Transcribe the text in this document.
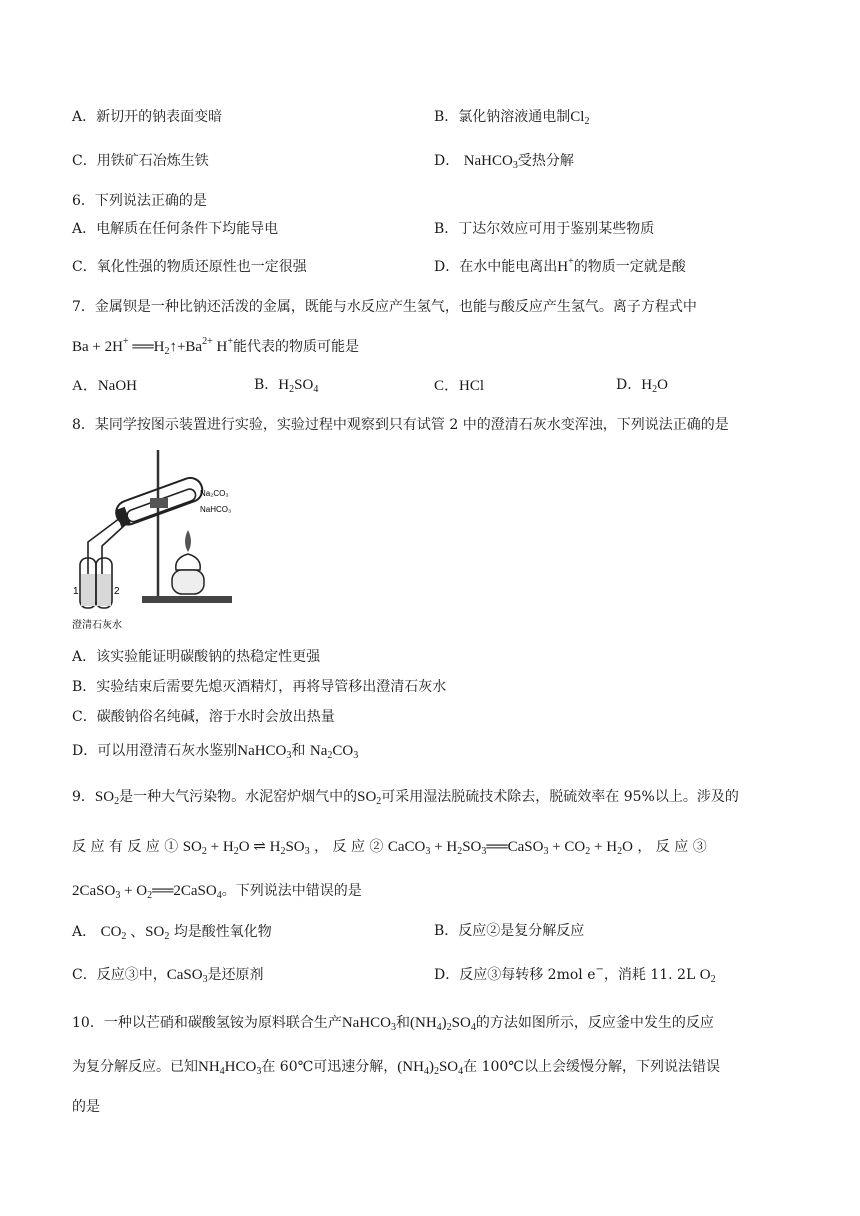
A．新切开的钠表面变暗	B．氯化钠溶液通电制$Cl_2$
C．用铁矿石冶炼生铁	D． NaHCO$_3$受热分解
6．下列说法正确的是
A．电解质在任何条件下均能导电	B．丁达尔效应可用于鉴别某些物质
C．氧化性强的物质还原性也一定很强	D．在水中能电离出H+的物质一定就是酸
7．金属钡是一种比钠还活泼的金属，既能与水反应产生氢气，也能与酸反应产生氢气。离子方程式中
Ba + 2H+ $══H_2↑+Ba^{2+}$ H+能代表的物质可能是
A．NaOH	B．$H_2SO_4$	C．HCl	D．$H_2O$
8．某同学按图示装置进行实验，实验过程中观察到只有试管 2 中的澄清石灰水变浑浊，下列说法正确的是
Na₂CO₃
NaHCO₃
1	2
澄清石灰水
A．该实验能证明碳酸钠的热稳定性更强
B．实验结束后需要先熄灭酒精灯，再将导管移出澄清石灰水
C．碳酸钠俗名纯碱，溶于水时会放出热量
D．可以用澄清石灰水鉴别NaHCO$_3$和 $Na_2CO_3$
9．$SO_2$是一种大气污染物。水泥窑炉烟气中的$SO_2$可采用湿法脱硫技术除去，脱硫效率在 95%以上。涉及的
反 应 有 反 应 ① $SO_2 + H_2O$ ⇌ $H_2SO_3$ ， 反 应 ② CaCO$_3$ + $H_2SO_3══CaSO_3 + CO_2 + H_2O$ ， 反 应 ③
2CaSO$_3$ + $O_2══2CaSO_4$。下列说法中错误的是
A． $CO_2$ 、$SO_2$ 均是酸性氧化物	B．反应②是复分解反应
C．反应③中，CaSO$_3$是还原剂	D．反应③每转移 2mol e−，消耗 11. 2L $O_2$
10．一种以芒硝和碳酸氢铵为原料联合生产NaHCO$_3$和$(NH_4)_2SO_4$的方法如图所示，反应釜中发生的反应
为复分解反应。已知$NH_4HCO_3$在 60℃可迅速分解，$(NH_4)_2SO_4$在 100℃以上会缓慢分解，下列说法错误
的是
